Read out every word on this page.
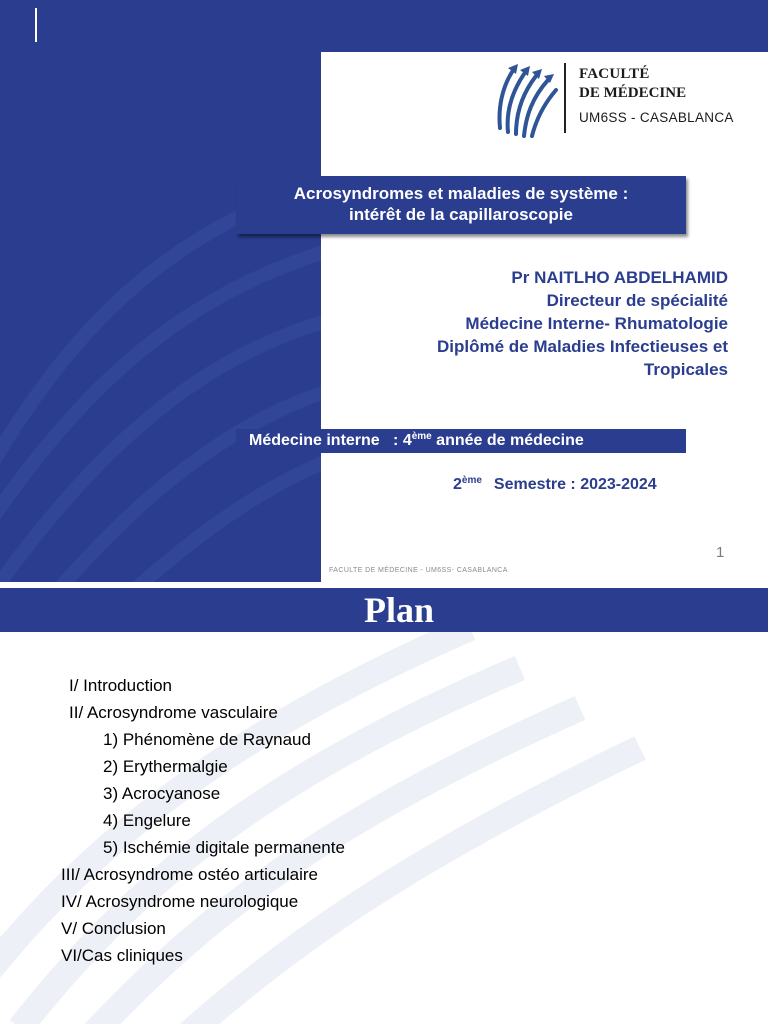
FACULTÉ
DE MÉDECINE
UM6SS - CASABLANCA
Acrosyndromes et maladies de système :
intérêt de la capillaroscopie
Pr NAITLHO ABDELHAMID
Directeur de spécialité
Médecine Interne- Rhumatologie
Diplômé de Maladies Infectieuses et
Tropicales
Médecine interne   : 4ème année de médecine
2ème Semestre : 2023-2024
1
FACULTE DE MÉDECINE - UM6SS- CASABLANCA
Plan
I/ Introduction
II/ Acrosyndrome vasculaire
1) Phénomène de Raynaud
2) Erythermalgie
3) Acrocyanose
4) Engelure
5) Ischémie digitale permanente
III/ Acrosyndrome ostéo articulaire
IV/ Acrosyndrome neurologique
V/ Conclusion
VI/Cas cliniques
